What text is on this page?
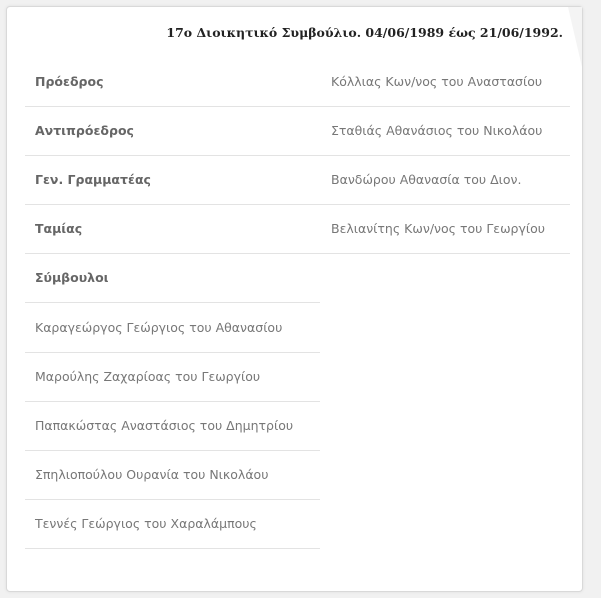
17ο Διοικητικό Συμβούλιο. 04/06/1989 έως 21/06/1992.
Πρόεδρος	Κόλλιας Κων/νος του Αναστασίου
Αντιπρόεδρος	Σταθιάς Αθανάσιος του Νικολάου
Γεν. Γραμματέας	Βανδώρου Αθανασία του Διον.
Ταμίας	Βελιανίτης Κων/νος του Γεωργίου
Σύμβουλοι
Καραγεώργος Γεώργιος του Αθανασίου
Μαρούλης Ζαχαρίοας του Γεωργίου
Παπακώστας Αναστάσιος του Δημητρίου
Σπηλιοπούλου Ουρανία του Νικολάου
Τεννές Γεώργιος του Χαραλάμπους
